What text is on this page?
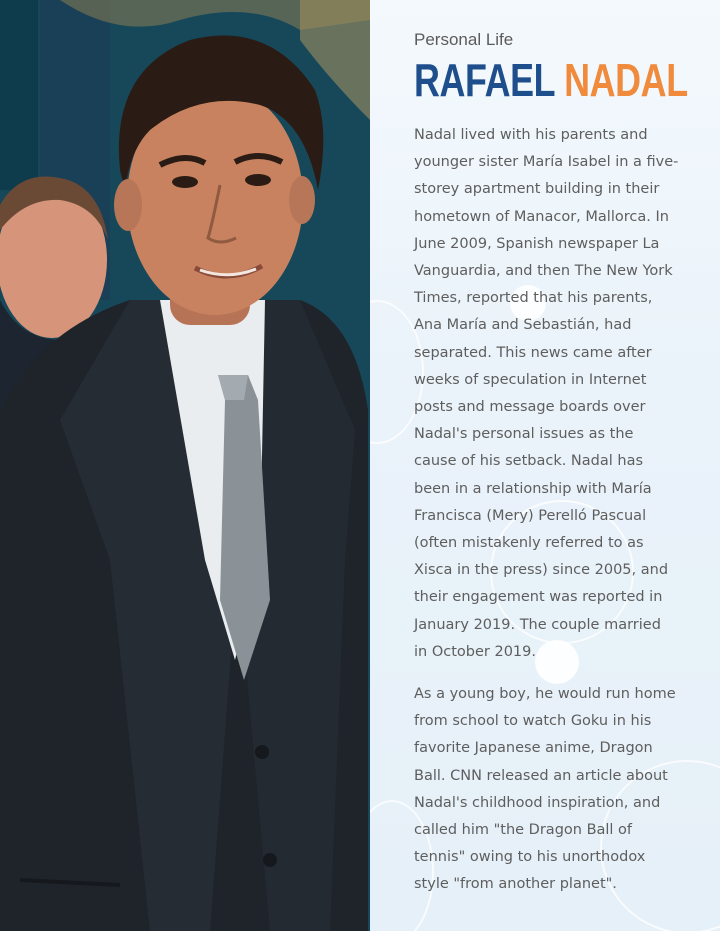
Personal Life
RAFAEL NADAL
Nadal lived with his parents and
younger sister María Isabel in a five-
storey apartment building in their
hometown of Manacor, Mallorca. In
June 2009, Spanish newspaper La
Vanguardia, and then The New York
Times, reported that his parents,
Ana María and Sebastián, had
separated. This news came after
weeks of speculation in Internet
posts and message boards over
Nadal's personal issues as the
cause of his setback. Nadal has
been in a relationship with María
Francisca (Mery) Perelló Pascual
(often mistakenly referred to as
Xisca in the press) since 2005, and
their engagement was reported in
January 2019. The couple married
in October 2019.
As a young boy, he would run home
from school to watch Goku in his
favorite Japanese anime, Dragon
Ball. CNN released an article about
Nadal's childhood inspiration, and
called him "the Dragon Ball of
tennis" owing to his unorthodox
style "from another planet".
